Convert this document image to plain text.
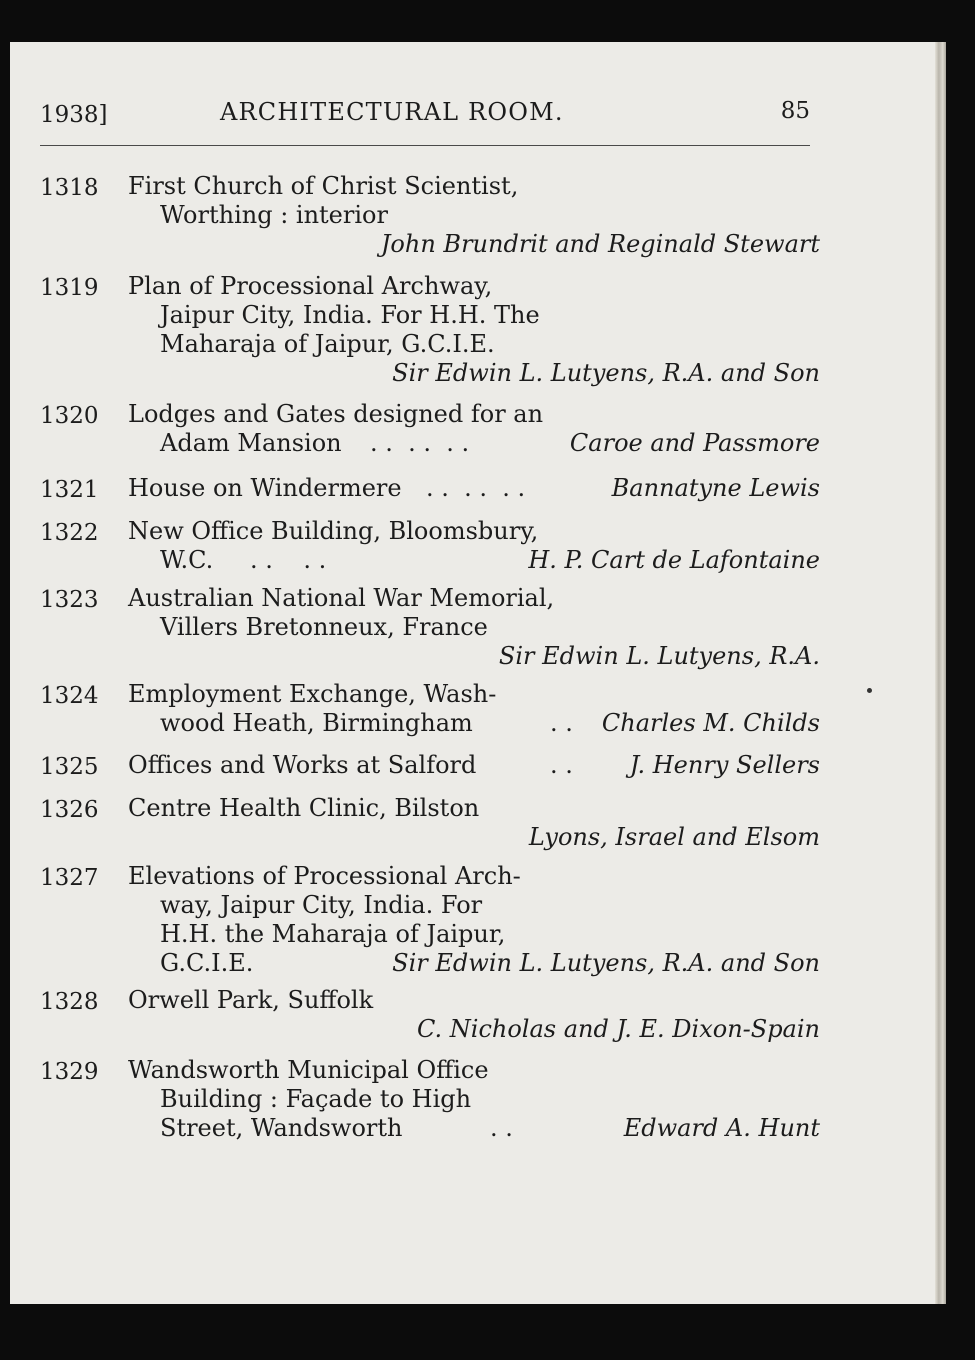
1938]	ARCHITECTURAL ROOM.	85
1318 First Church of Christ Scientist,
Worthing : interior
John Brundrit and Reginald Stewart
1319 Plan of Processional Archway,
Jaipur City, India. For H.H. The
Maharaja of Jaipur, G.C.I.E.
Sir Edwin L. Lutyens, R.A. and Son
1320 Lodges and Gates designed for an
Adam Mansion . .  . .  . .	Caroe and Passmore
1321 House on Windermere . .  . .  . .	Bannatyne Lewis
1322 New Office Building, Bloomsbury,
W.C. . .    . .	H. P. Cart de Lafontaine
1323 Australian National War Memorial,
Villers Bretonneux, France
Sir Edwin L. Lutyens, R.A.
1324 Employment Exchange, Wash-
wood Heath, Birmingham	. . Charles M. Childs
1325 Offices and Works at Salford	. . J. Henry Sellers
1326 Centre Health Clinic, Bilston
Lyons, Israel and Elsom
1327 Elevations of Processional Arch-
way, Jaipur City, India. For
H.H. the Maharaja of Jaipur,
G.C.I.E.	Sir Edwin L. Lutyens, R.A. and Son
1328 Orwell Park, Suffolk
C. Nicholas and J. E. Dixon-Spain
1329 Wandsworth Municipal Office
Building : Façade to High
Street, Wandsworth	. .	Edward A. Hunt
